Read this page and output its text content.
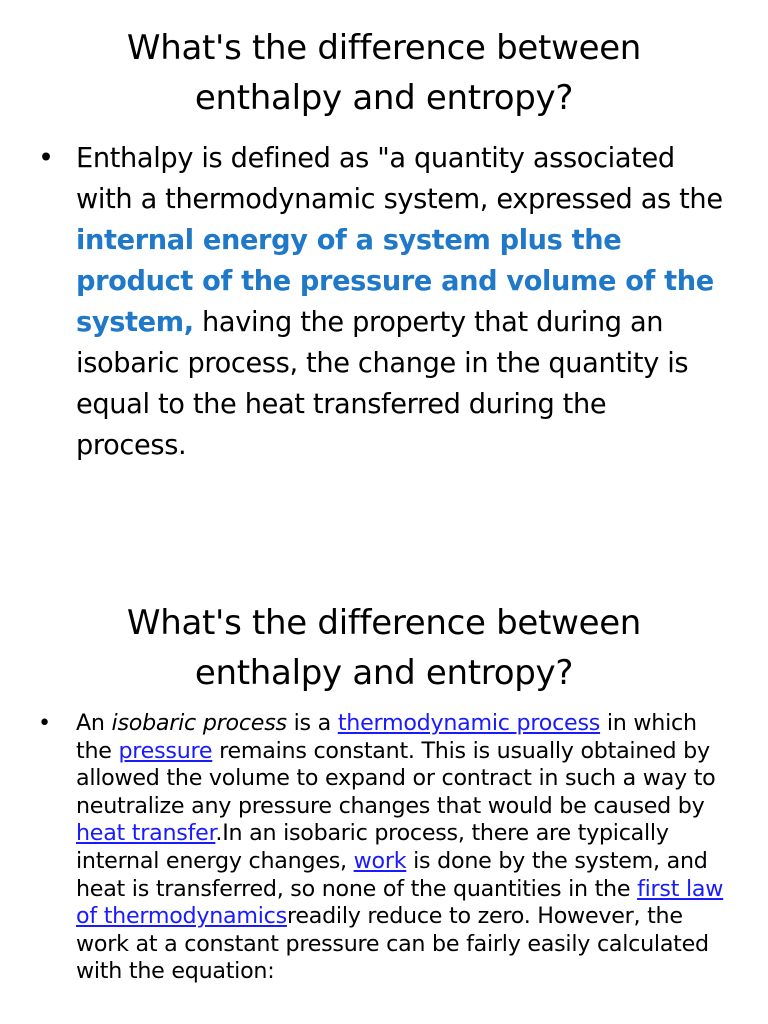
What's the difference between
enthalpy and entropy?
• Enthalpy is defined as "a quantity associated with a thermodynamic system, expressed as the internal energy of a system plus the product of the pressure and volume of the system, having the property that during an isobaric process, the change in the quantity is equal to the heat transferred during the process.
What's the difference between
enthalpy and entropy?
•	An isobaric process is a thermodynamic process in which the pressure remains constant. This is usually obtained by allowed the volume to expand or contract in such a way to neutralize any pressure changes that would be caused by heat transfer.In an isobaric process, there are typically internal energy changes, work is done by the system, and heat is transferred, so none of the quantities in the first law of thermodynamicsreadily reduce to zero. However, the work at a constant pressure can be fairly easily calculated with the equation:
